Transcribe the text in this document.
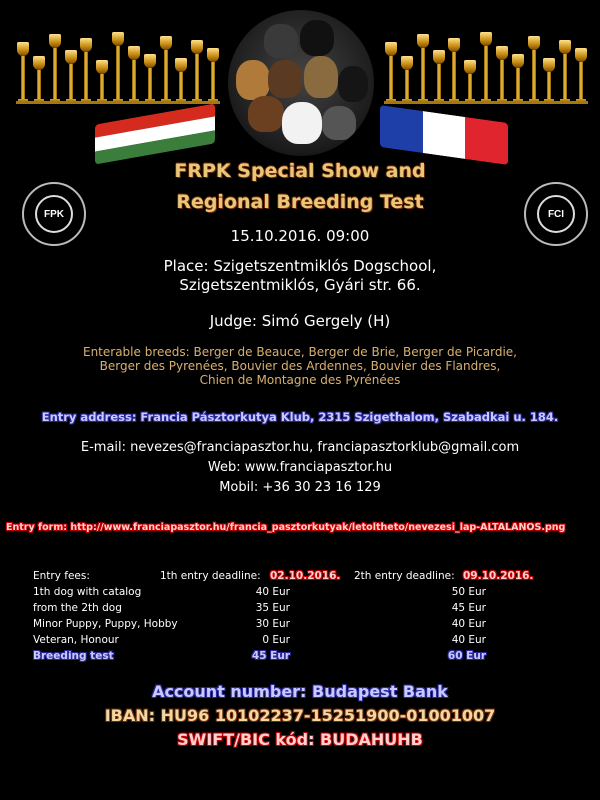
FPK	FCI
FRPK Special Show and
Regional Breeding Test
15.10.2016. 09:00
Place: Szigetszentmiklós Dogschool,
Szigetszentmiklós, Gyári str. 66.
Judge: Simó Gergely (H)
Enterable breeds: Berger de Beauce, Berger de Brie, Berger de Picardie,
Berger des Pyrenées, Bouvier des Ardennes, Bouvier des Flandres,
Chien de Montagne des Pyrénées
Entry address: Francia Pásztorkutya Klub, 2315 Szigethalom, Szabadkai u. 184.
E-mail: nevezes@franciapasztor.hu, franciapasztorklub@gmail.com
Web: www.franciapasztor.hu
Mobil: +36 30 23 16 129
Entry form: http://www.franciapasztor.hu/francia_pasztorkutyak/letoltheto/nevezesi_lap-ALTALANOS.png
Entry fees:	1th entry deadline: 02.10.2016. 2th entry deadline: 09.10.2016.
1th dog with catalog	40 Eur	50 Eur
from the 2th dog	35 Eur	45 Eur
Minor Puppy, Puppy, Hobby	30 Eur	40 Eur
Veteran, Honour	0 Eur	40 Eur
Breeding test	45 Eur	60 Eur
Account number: Budapest Bank
IBAN: HU96 10102237-15251900-01001007
SWIFT/BIC kód: BUDAHUHB
